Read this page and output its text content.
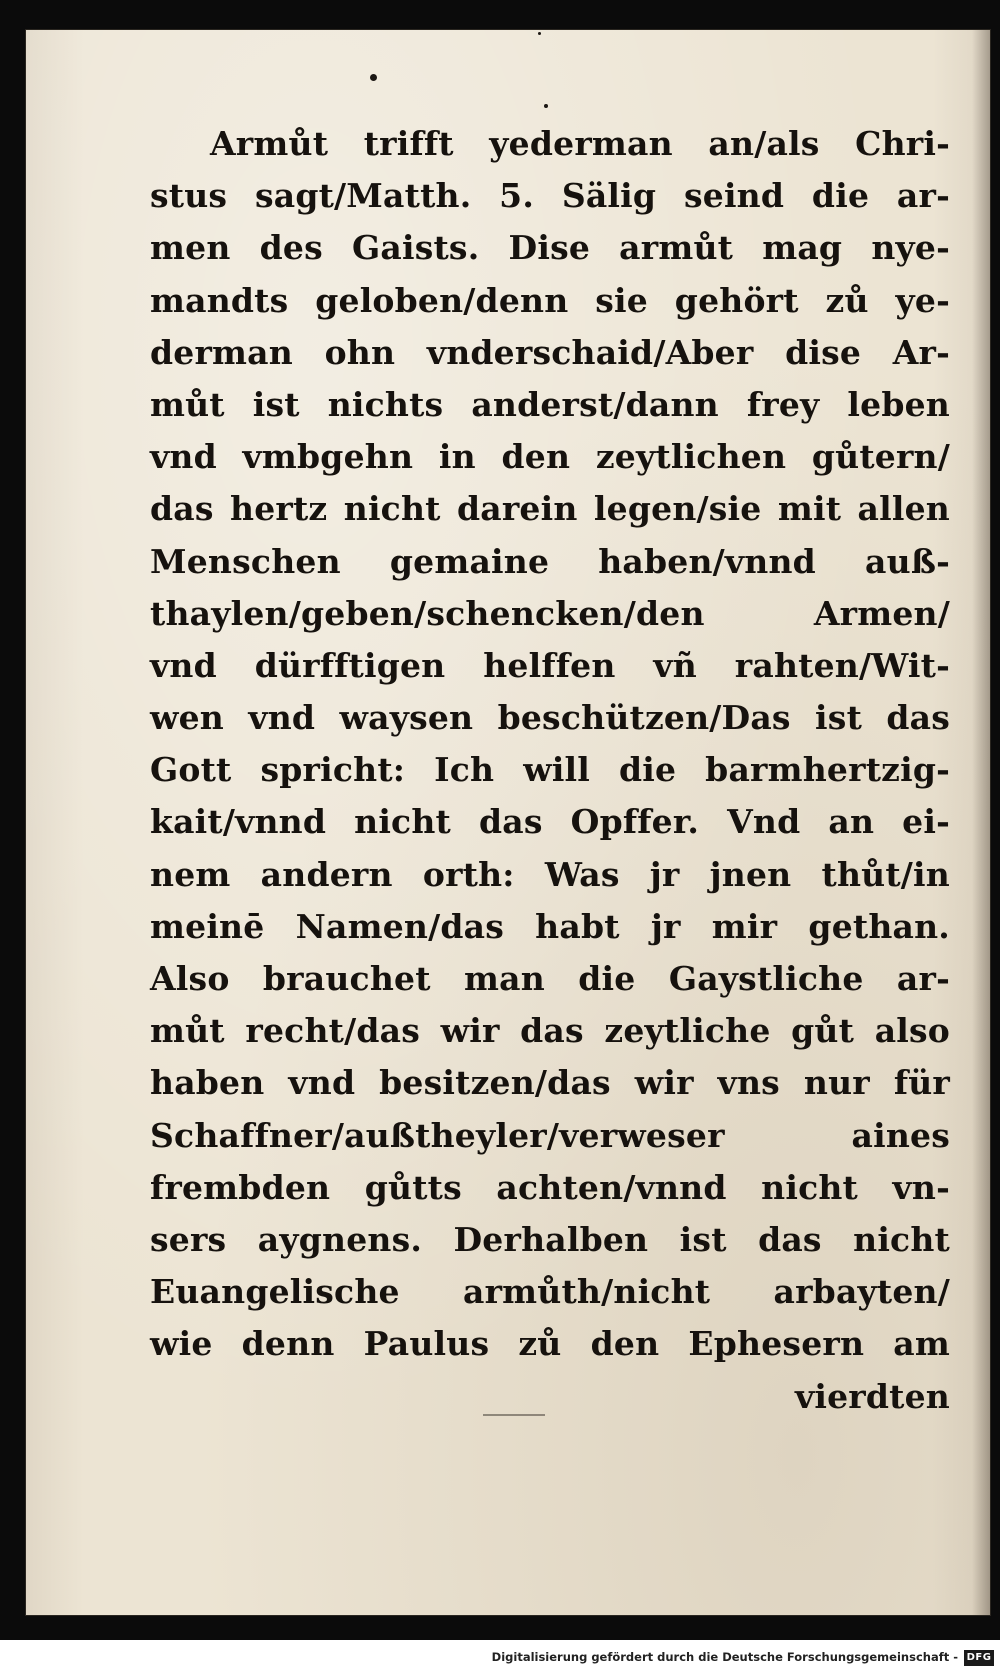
Armůt trifft yederman an/als Chri-
stus sagt/Matth. 5. Sälig seind die ar-
men des Gaists. Dise armůt mag nye-
mandts geloben/denn sie gehört zů ye-
derman ohn vnderschaid/Aber dise Ar-
můt ist nichts anderst/dann frey leben
vnd vmbgehn in den zeytlichen gůtern/
das hertz nicht darein legen/sie mit allen
Menschen gemaine haben/vnnd auß-
thaylen/geben/schencken/den Armen/
vnd dürfftigen helffen vñ rahten/Wit-
wen vnd waysen beschützen/Das ist das
Gott spricht: Ich will die barmhertzig-
kait/vnnd nicht das Opffer. Vnd an ei-
nem andern orth: Was jr jnen thůt/in
meinē Namen/das habt jr mir gethan.
Also brauchet man die Gaystliche ar-
můt recht/das wir das zeytliche gůt also
haben vnd besitzen/das wir vns nur für
Schaffner/außtheyler/verweser aines
frembden gůtts achten/vnnd nicht vn-
sers aygnens. Derhalben ist das nicht
Euangelische armůth/nicht arbayten/
wie denn Paulus zů den Ephesern am
vierdten
Digitalisierung gefördert durch die Deutsche Forschungsgemeinschaft - DFG
